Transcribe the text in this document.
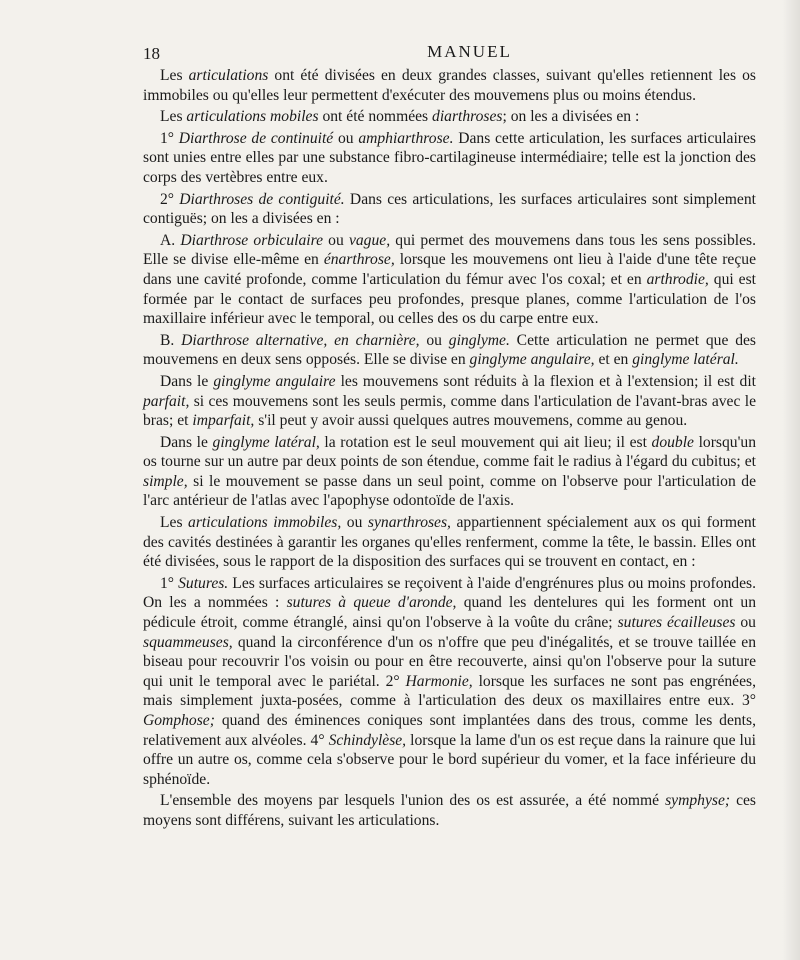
18	MANUEL

Les articulations ont été divisées en deux grandes classes, suivant qu'elles retiennent les os immobiles ou qu'elles leur permettent d'exécuter des mouvemens plus ou moins étendus.

Les articulations mobiles ont été nommées diarthroses; on les a divisées en :

1° Diarthrose de continuité ou amphiarthrose. Dans cette articulation, les surfaces articulaires sont unies entre elles par une substance fibro-cartilagineuse intermédiaire; telle est la jonction des corps des vertèbres entre eux.

2° Diarthroses de contiguité. Dans ces articulations, les surfaces articulaires sont simplement contiguës; on les a divisées en :

A. Diarthrose orbiculaire ou vague, qui permet des mouvemens dans tous les sens possibles. Elle se divise elle-même en énarthrose, lorsque les mouvemens ont lieu à l'aide d'une tête reçue dans une cavité profonde, comme l'articulation du fémur avec l'os coxal; et en arthrodie, qui est formée par le contact de surfaces peu profondes, presque planes, comme l'articulation de l'os maxillaire inférieur avec le temporal, ou celles des os du carpe entre eux.

B. Diarthrose alternative, en charnière, ou ginglyme. Cette articulation ne permet que des mouvemens en deux sens opposés. Elle se divise en ginglyme angulaire, et en ginglyme latéral.

Dans le ginglyme angulaire les mouvemens sont réduits à la flexion et à l'extension; il est dit parfait, si ces mouvemens sont les seuls permis, comme dans l'articulation de l'avant-bras avec le bras; et imparfait, s'il peut y avoir aussi quelques autres mouvemens, comme au genou.

Dans le ginglyme latéral, la rotation est le seul mouvement qui ait lieu; il est double lorsqu'un os tourne sur un autre par deux points de son étendue, comme fait le radius à l'égard du cubitus; et simple, si le mouvement se passe dans un seul point, comme on l'observe pour l'articulation de l'arc antérieur de l'atlas avec l'apophyse odontoïde de l'axis.

Les articulations immobiles, ou synarthroses, appartiennent spécialement aux os qui forment des cavités destinées à garantir les organes qu'elles renferment, comme la tête, le bassin. Elles ont été divisées, sous le rapport de la disposition des surfaces qui se trouvent en contact, en :

1° Sutures. Les surfaces articulaires se reçoivent à l'aide d'engrénures plus ou moins profondes. On les a nommées : sutures à queue d'aronde, quand les dentelures qui les forment ont un pédicule étroit, comme étranglé, ainsi qu'on l'observe à la voûte du crâne; sutures écailleuses ou squammeuses, quand la circonférence d'un os n'offre que peu d'inégalités, et se trouve taillée en biseau pour recouvrir l'os voisin ou pour en être recouverte, ainsi qu'on l'observe pour la suture qui unit le temporal avec le pariétal. 2° Harmonie, lorsque les surfaces ne sont pas engrénées, mais simplement juxta-posées, comme à l'articulation des deux os maxillaires entre eux. 3° Gomphose; quand des éminences coniques sont implantées dans des trous, comme les dents, relativement aux alvéoles. 4° Schindylèse, lorsque la lame d'un os est reçue dans la rainure que lui offre un autre os, comme cela s'observe pour le bord supérieur du vomer, et la face inférieure du sphénoïde.

L'ensemble des moyens par lesquels l'union des os est assurée, a été nommé symphyse; ces moyens sont différens, suivant les articulations.
